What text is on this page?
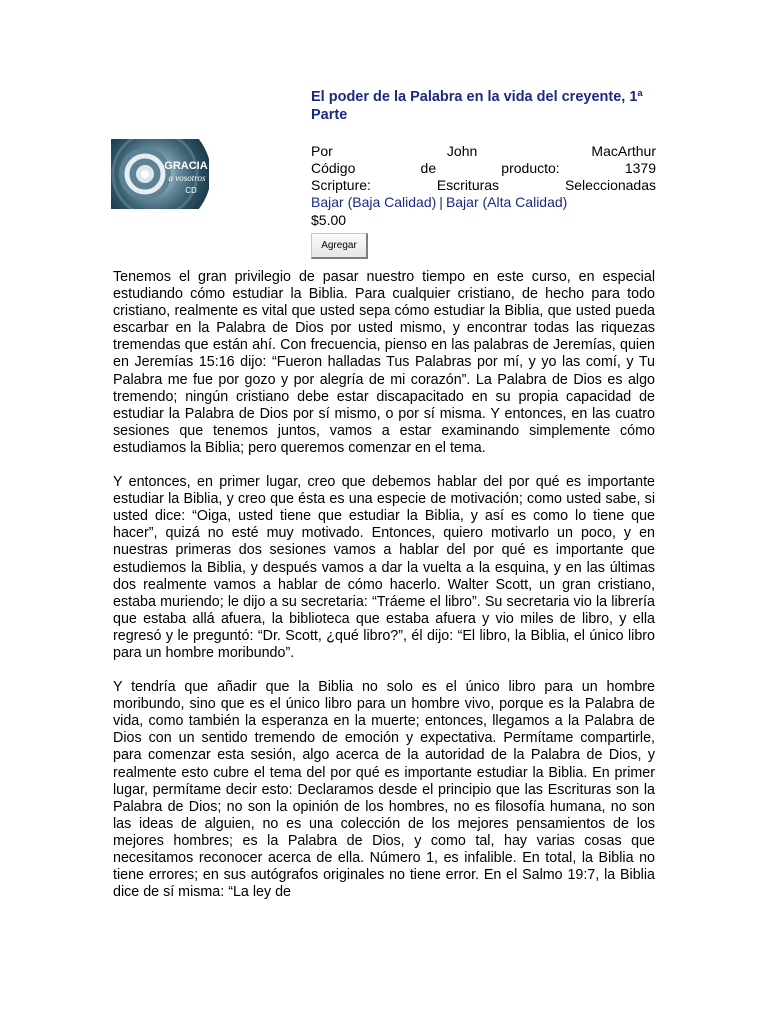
GRACIA
a vosotros
CD
El poder de la Palabra en la vida del creyente, 1ª Parte
Por	John	MacArthur
Código	de	producto:	1379
Scripture:	Escrituras	Seleccionadas
Bajar (Baja Calidad) | Bajar (Alta Calidad)
$5.00
Agregar

Tenemos el gran privilegio de pasar nuestro tiempo en este curso, en especial estudiando cómo estudiar la Biblia. Para cualquier cristiano, de hecho para todo cristiano, realmente es vital que usted sepa cómo estudiar la Biblia, que usted pueda escarbar en la Palabra de Dios por usted mismo, y encontrar todas las riquezas tremendas que están ahí. Con frecuencia, pienso en las palabras de Jeremías, quien en Jeremías 15:16 dijo: “Fueron halladas Tus Palabras por mí, y yo las comí, y Tu Palabra me fue por gozo y por alegría de mi corazón”. La Palabra de Dios es algo tremendo; ningún cristiano debe estar discapacitado en su propia capacidad de estudiar la Palabra de Dios por sí mismo, o por sí misma. Y entonces, en las cuatro sesiones que tenemos juntos, vamos a estar examinando simplemente cómo estudiamos la Biblia; pero queremos comenzar en el tema.

Y entonces, en primer lugar, creo que debemos hablar del por qué es importante estudiar la Biblia, y creo que ésta es una especie de motivación; como usted sabe, si usted dice: “Oiga, usted tiene que estudiar la Biblia, y así es como lo tiene que hacer”, quizá no esté muy motivado. Entonces, quiero motivarlo un poco, y en nuestras primeras dos sesiones vamos a hablar del por qué es importante que estudiemos la Biblia, y después vamos a dar la vuelta a la esquina, y en las últimas dos realmente vamos a hablar de cómo hacerlo. Walter Scott, un gran cristiano, estaba muriendo; le dijo a su secretaria: “Tráeme el libro”. Su secretaria vio la librería que estaba allá afuera, la biblioteca que estaba afuera y vio miles de libro, y ella regresó y le preguntó: “Dr. Scott, ¿qué libro?”, él dijo: “El libro, la Biblia, el único libro para un hombre moribundo”.

Y tendría que añadir que la Biblia no solo es el único libro para un hombre moribundo, sino que es el único libro para un hombre vivo, porque es la Palabra de vida, como también la esperanza en la muerte; entonces, llegamos a la Palabra de Dios con un sentido tremendo de emoción y expectativa. Permítame compartirle, para comenzar esta sesión, algo acerca de la autoridad de la Palabra de Dios, y realmente esto cubre el tema del por qué es importante estudiar la Biblia. En primer lugar, permítame decir esto: Declaramos desde el principio que las Escrituras son la Palabra de Dios; no son la opinión de los hombres, no es filosofía humana, no son las ideas de alguien, no es una colección de los mejores pensamientos de los mejores hombres; es la Palabra de Dios, y como tal, hay varias cosas que necesitamos reconocer acerca de ella. Número 1, es infalible. En total, la Biblia no tiene errores; en sus autógrafos originales no tiene error. En el Salmo 19:7, la Biblia dice de sí misma: “La ley de
